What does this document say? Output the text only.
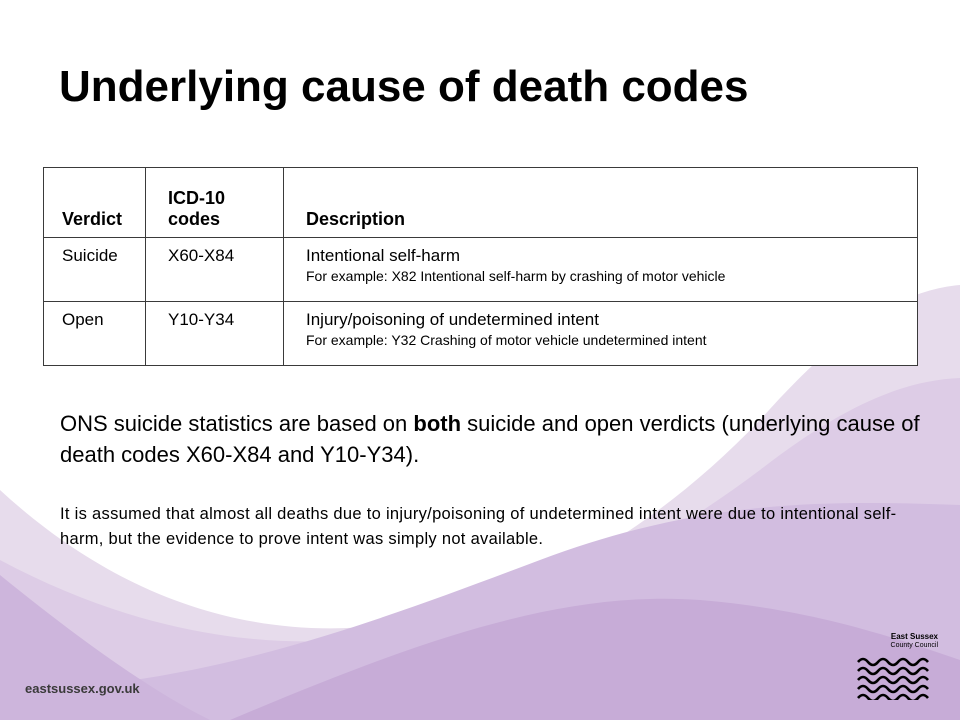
Underlying cause of death codes
Verdict	ICD-10 codes	Description
Suicide	X60-X84	Intentional self-harm
For example: X82 Intentional self-harm by crashing of motor vehicle

Open	Y10-Y34	Injury/poisoning of undetermined intent
For example: Y32 Crashing of motor vehicle undetermined intent

ONS suicide statistics are based on both suicide and open verdicts (underlying cause of death codes X60-X84 and Y10-Y34).

It is assumed that almost all deaths due to injury/poisoning of undetermined intent were due to intentional self-harm, but the evidence to prove intent was simply not available.

eastsussex.gov.uk
East Sussex
County Council
